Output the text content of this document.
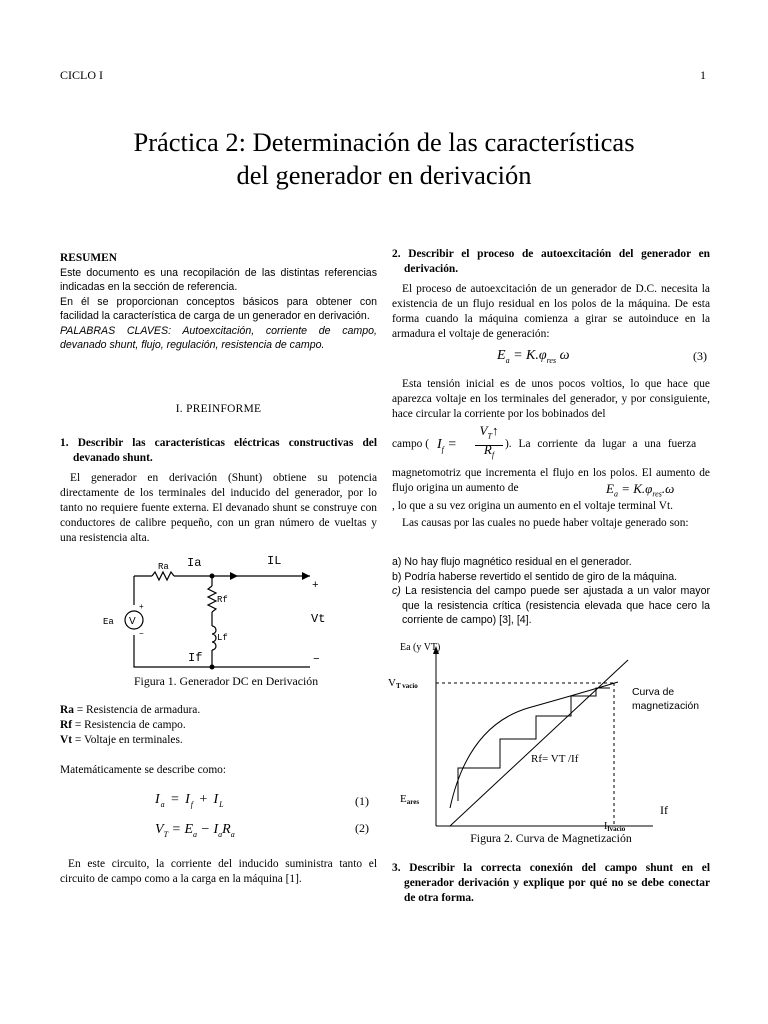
CICLO I	1
Práctica 2: Determinación de las características
del generador en derivación
RESUMEN

Este documento es una recopilación de las distintas referencias indicadas en la sección de referencia.

En él se proporcionan conceptos básicos para obtener con facilidad la característica de carga de un generador en derivación.

PALABRAS CLAVES: Autoexcitación, corriente de campo, devanado shunt, flujo, regulación, resistencia de campo.

I. PREINFORME

1. Describir las características eléctricas constructivas del devanado shunt.

El generador en derivación (Shunt) obtiene su potencia directamente de los terminales del inducido del generador, por lo tanto no requiere fuente externa. El devanado shunt se construye con conductores de calibre pequeño, con un gran número de vueltas y una resistencia alta.
Ra Ia	IL
Rf
Lf
If
Ea V
+
−
+
Vt
−
Figura 1. Generador DC en Derivación
Ra = Resistencia de armadura.
Rf = Resistencia de campo.
Vt = Voltaje en terminales.
Matemáticamente se describe como:
$I_a = I_f + I_L$	(1)
$V_T = E_a - I_aR_a$	(2)
En este circuito, la corriente del inducido suministra tanto el circuito de campo como a la carga en la máquina [1].

2. Describir el proceso de autoexcitación del generador en derivación.

El proceso de autoexcitación de un generador de D.C. necesita la existencia de un flujo residual en los polos de la máquina. De esta forma cuando la máquina comienza a girar se autoinduce en la armadura el voltaje de generación:
$E_a = K.\varphi_{res}$ ω	(3)
Esta tensión inicial es de unos pocos voltios, lo que hace que aparezca voltaje en los terminales del generador, y por consiguiente, hace circular la corriente por los bobinados del
campo ( $I_f$ =
$V_T↑$
$R_f$
). La corriente da lugar a una fuerza
magnetomotriz que incrementa el flujo en los polos. El aumento de flujo origina un aumento de	$E_a = K.\varphi_{res}.\omega$
, lo que a su vez origina un aumento en el voltaje terminal Vt.
Las causas por las cuales no puede haber voltaje generado son:
a) No hay flujo magnético residual en el generador.
b) Podría haberse revertido el sentido de giro de la máquina.
c) La resistencia del campo puede ser ajustada a un valor mayor que la resistencia crítica (resistencia elevada que hace cero la corriente de campo) [3], [4].
Ea (y VT)
VT vacío
Eares
If
$I_{fvacío}$
Rf= VT /If
Curva de magnetización
Figura 2. Curva de Magnetización

3. Describir la correcta conexión del campo shunt en el generador derivación y explique por qué no se debe conectar de otra forma.
